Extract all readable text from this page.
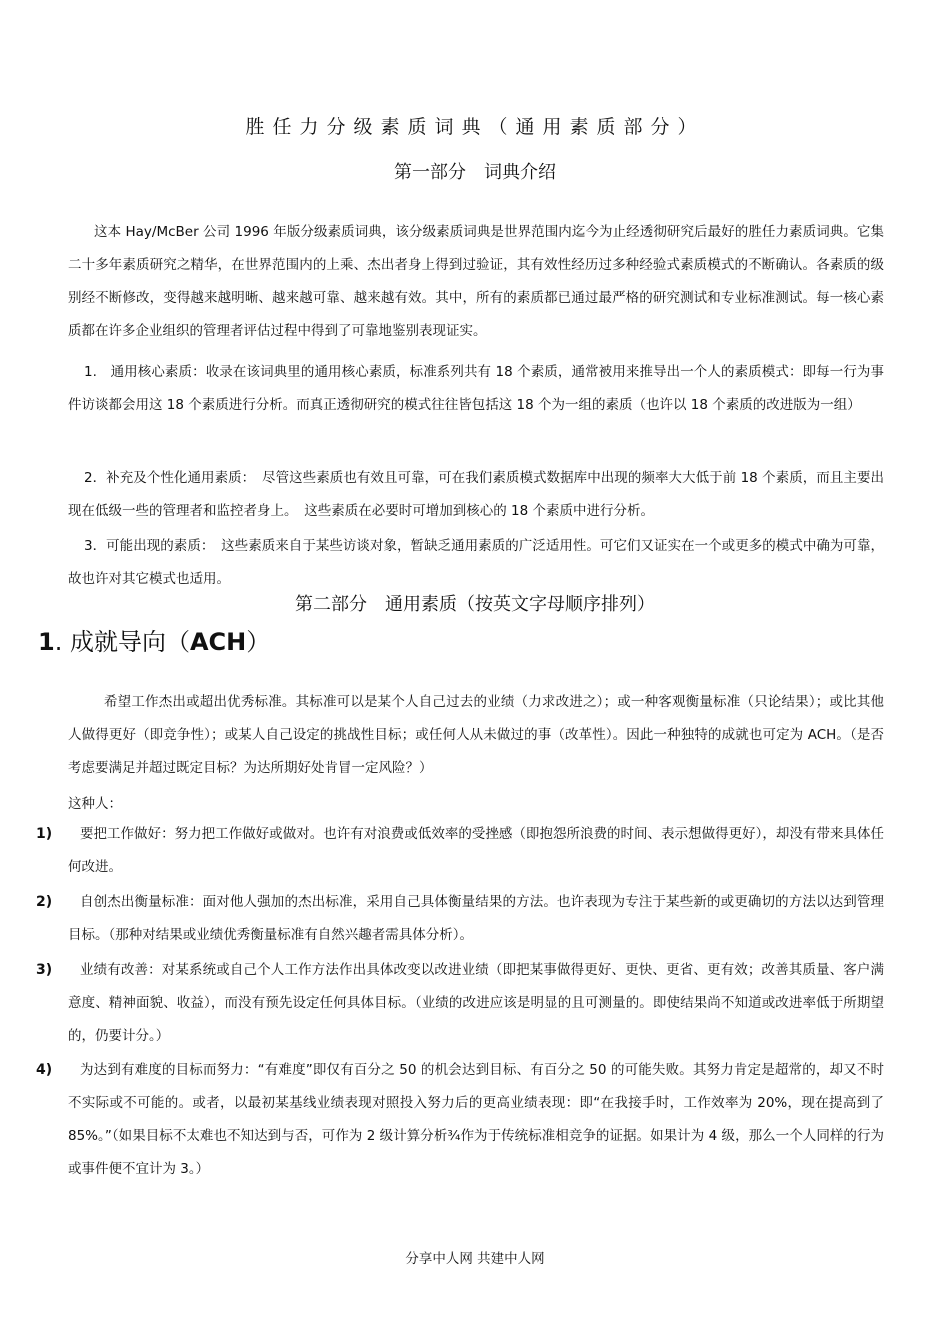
胜任力分级素质词典（通用素质部分）
第一部分　词典介绍

这本 Hay/McBer 公司 1996 年版分级素质词典，该分级素质词典是世界范围内迄今为止经透彻研究后最好的胜任力素质词典。它集二十多年素质研究之精华，在世界范围内的上乘、杰出者身上得到过验证，其有效性经历过多种经验式素质模式的不断确认。各素质的级别经不断修改，变得越来越明晰、越来越可靠、越来越有效。其中，所有的素质都已通过最严格的研究测试和专业标准测试。每一核心素质都在许多企业组织的管理者评估过程中得到了可靠地鉴别表现证实。

1.　通用核心素质：收录在该词典里的通用核心素质，标准系列共有 18 个素质，通常被用来推导出一个人的素质模式：即每一行为事件访谈都会用这 18 个素质进行分析。而真正透彻研究的模式往往皆包括这 18 个为一组的素质（也许以 18 个素质的改进版为一组）

2．补充及个性化通用素质：　尽管这些素质也有效且可靠，可在我们素质模式数据库中出现的频率大大低于前 18 个素质，而且主要出现在低级一些的管理者和监控者身上。　这些素质在必要时可增加到核心的 18 个素质中进行分析。

3．可能出现的素质：　这些素质来自于某些访谈对象，暂缺乏通用素质的广泛适用性。可它们又证实在一个或更多的模式中确为可靠，故也许对其它模式也适用。

第二部分　通用素质（按英文字母顺序排列）
1. 成就导向（ACH）

希望工作杰出或超出优秀标准。其标准可以是某个人自己过去的业绩（力求改进之）；或一种客观衡量标准（只论结果）；或比其他人做得更好（即竞争性）；或某人自己设定的挑战性目标；或任何人从未做过的事（改革性）。因此一种独特的成就也可定为 ACH。（是否考虑要满足并超过既定目标？为达所期好处肯冒一定风险？）

这种人：

1)	要把工作做好：努力把工作做好或做对。也许有对浪费或低效率的受挫感（即抱怨所浪费的时间、表示想做得更好），却没有带来具体任何改进。

2)	自创杰出衡量标准：面对他人强加的杰出标准，采用自己具体衡量结果的方法。也许表现为专注于某些新的或更确切的方法以达到管理目标。（那种对结果或业绩优秀衡量标准有自然兴趣者需具体分析）。

3)	业绩有改善：对某系统或自己个人工作方法作出具体改变以改进业绩（即把某事做得更好、更快、更省、更有效；改善其质量、客户满意度、精神面貌、收益），而没有预先设定任何具体目标。（业绩的改进应该是明显的且可测量的。即使结果尚不知道或改进率低于所期望的，仍要计分。）

4)	为达到有难度的目标而努力：“有难度”即仅有百分之 50 的机会达到目标、有百分之 50 的可能失败。其努力肯定是超常的，却又不时不实际或不可能的。或者，以最初某基线业绩表现对照投入努力后的更高业绩表现：即“在我接手时，工作效率为 20%，现在提高到了　85%。”（如果目标不太难也不知达到与否，可作为 2 级计算分析¾作为于传统标准相竞争的证据。如果计为 4 级，那么一个人同样的行为或事件便不宜计为 3。）

分享中人网 共建中人网
